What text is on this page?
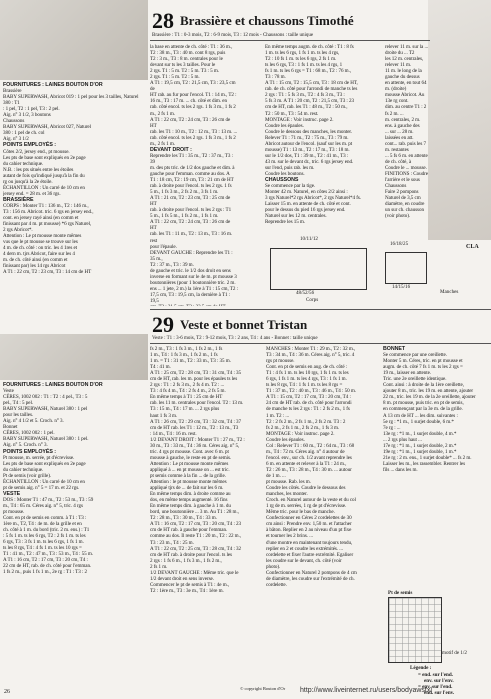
28 Brassière et chaussons Timothé
Brassière : T1 : 0-3 mois, T2 : 6-9 mois, T3 : 12 mois - Chaussons : taille unique
29 Veste et bonnet Tristan
Veste : T1 : 3-6 mois, T2 : 9-12 mois, T3 : 2 ans, T4 : 4 ans - Bonnet : taille unique

FOURNITURES : LAINES BOUTON D'OR

Brassière

BABY SUPERWASH, Abricot 019 : 1 pel pour les 3 tailles, Naturel 380 : T1

: 1 pel, T2 : 1 pel, T3 : 2 pel.

Aig. n° 3 1/2, 3 boutons

Chaussons

BABY SUPERWASH, Abricot 027, Naturel

380 : 1 pel de ch. col

Aig. n° 3 1/2

POINTS EMPLOYÉS :

Côtes 2/2, jersey end., pt mousse.

Les pts de base sont expliqués en 2e page

du cahier technique.

N.B. : les pts situés entre les étoiles

autant de fois qu'indiqué jusqu'à la fin du

rg ou jusqu'à la 2e étoile.

ÉCHANTILLON : Un carré de 10 cm en

jersey end. = 28 m. et 36 rgs.

BRASSIÈRE

CORPS : Monter T1 : 136 m., T2 : 146 m.,

T3 : 156 m. Abricot. tric. 6 rgs en jersey end.,

cont. en jersey rayé ainsi (en comm et

finissant par 4 m. pt mousse) *6 rgs Naturel,

2 rgs Abricot*.

Attention : Le pt mousse monte mêmes

vus que le pt mousse se trouve sur les

4 m. de ch. côté : on tric. les 4 1res et

4 dern m. tjrs Abricot, faire sur les 4

m. de ch. côté ainsi (en comm et

finissant par) les 14 rgs Abricot

A T1 : 22 cm, T2 : 23 cm, T3 : 14 cm de HT

la base en attente de ch. côté : T1 : 36 m.,

T2 : 38 m., T3 : 40 m. cont 8 rgs, puis

T2 : 3 m., T3 : 8 m. centrales pour le

devant sur ts les 3 tailles. Pour le

2 rgs. T1 : 5 m. T2 : 5 m. T3 : 5 m.

2 rgs. T1 : 5 m. T2 : 5 m.

A T1 : 19,5 cm, T2 : 21,5 cm, T3 : 23,5 cm de

HT rab. au fur pour l'encol. T1 : 14 m., T2 :

16 m., T3 : 17 m. ... ch. côté et dim. en

rab. côté encol. ts les 2 rgs. 1 fs 3 m., 1 fs 2

m., 2 fs 1 m.

A T1 : 22 cm, T2 : 24 cm, T3 : 26 cm de HT

rab. les T1 : 10 m., T2 : 12 m., T3 : 13 m. ...

rab. côté encol. ts les 2 rgs. 1 fs 3 m., 1 fs 2

m., 2 fs 1 m.

DEVANT DROIT :

Reprendre les T1 : 35 m., T2 : 37 m., T3 : 39

m. des pts tric. de 1/2 dos gauche et dim. à

gauche pour l'emman. comme au dos. A

T1 : 18 cm, T2 : 19 cm, T3 : 21 cm de HT

rab. à droite pour l'encol. ts les 2 rgs. 1 fs

5 m., 1 fs 3 m., 2 fs 2 m., 3 fs 1 m.

A T1 : 21 cm, T2 : 23 cm, T3 : 25 cm de HT

rab. à droite pour l'encol. ts les 2 rgs : T1

5 m., 1 fs 5 m., 1 fs 2 m., 1 fs 1 m.

A T1 : 22 cm, T2 : 24 cm, T3 : 26 cm de HT

rab. les T1 : 11 m., T2 : 13 m., T3 : 16 m. rest

pour l'épaule.

DEVANT GAUCHE : Reprendre les T1 : 35 m.,

T2 : 37 m., T3 : 39 m.

de gauche et tric. le 1/2 dos droit en sens

inverse en formant sur le 4e m. pt mousse 3

boutonnières (pour 1 boutonnière tric. 2 m.

ens ... 1 jete, 2 m.) la 1ère à T1 : 15 cm, T2 :

17,5 cm, T3 : 19,5 cm, la dernière à T1 : 19,5

En même temps augm. de ch. côté : T1 : 8 fs

1 m. ts les 6 rgs, 1 fs 1 m. ts les 4 rgs,

T2 : 10 fs 1 m. ts les 6 rgs, 2 fs 1 m.

ts les 6 rgs, T3 : 1 fs 1 m. ts les 4 rgs, 1

fs 1 m. ts les 6 rgs = T1 : 68 m., T2 : 76 m.,

T3 : 78 m.

A T1 : 15 cm, T2 : 15,5 cm, T3 : 18 cm de HT,

rab. de ch. côté pour l'arrondi de manche ts les

2 rgs : T1 : 5 fs 3 m., T2 : 4 fs 3 m., T3 :

5 fs 3 m. A T1 : 20 cm, T2 : 21,5 cm, T3 : 23

cm de HT, rab. les T1 : 48 m., T2 : 50 m.,

T2 : 50 m., T3 : 54 m. rest.

MONTAGE : Voir instruc. page 2.

Coudre les épaules.

Coudre le dessous des manches, les monter.

Relever T1 : 71 m., T2 : 75 m., T3 : 79 m.

Abricot autour de l'encol. (sauf sur les m. pt

mousse) T1 : 13 m., T2 : 17 m., T3 : 18 m.

sur le 1/2 dos, T1 : 39 m., T2 : 41 m., T3 :

43 m. sur le devant dr., tric. 6 rgs jersey end.

sur l'end, puis rab. les m.

Coudre les boutons.

CHAUSSONS

Se commence par la tige.

Monter 42 m. Naturel, en côtes 2/2 ainsi :

3 rgs Naturel*2 rgs Abricot*, 2 rgs Naturel*4 fs.

Laisser 15 m. en attente de ch. côté et cont.

pour le dessus du pied 16 rgs jersey end.

Naturel sur les 12 m. centrales.

Reprendre les 15 m.

relever 11 m. sur la ... droite du ... T2

les 12 m. centrales, relever 11 m.

11 m. le long de la gauche du dessus

en attente, en tout 64 m. (droite)

mousse Abricot. Au 13e rg cont.

dim. au centre T1 : 2 fs 2 m. ...

m. centrales, 2 m. ens. à gauche des

... sur ... 28 m. laissées en att.

cont... rab. puis les 7 m. restantes

... 5 fs 6 m. en attente de ch. côté, à

Coudre le ... mousse.

FINITIONS : Coudre l'arrière et le sous

Chaussons

Faire 2 pompons Naturel de 3,5 cm

diamètre, en coudre un sur ch. chausson

(voir photo).

FOURNITURES : LAINES BOUTON D'OR

Veste

CÉRES, 1002 002 : T1 : T2 : 4 pel., T3 : 5

pel., T4 : 5 pel.

BABY SUPERWASH, Naturel 380 : 1 pel

pour les tailles.

Aig. n° 4 1/2 et 5. Croch. n° 3.

Bonnet

CÉRES, 1002 002 : 1 pel.

BABY SUPERWASH, Naturel 380 : 1 pel.

Aig. n° 5. Croch. n° 3.

POINTS EMPLOYÉS :

Pt mousse, m. serrée, pt d'écrevisse.

Les pts de base sont expliqués en 2e page

du cahier technique.

Pt de semis (voir grille).

ÉCHANTILLON : Un carré de 10 cm en

pt de semis aig. n° 5 = 17 m. et 22 rgs.

VESTE

DOS : Monter T1 : 47 m., T2 : 53 m., T3 : 59

m., T4 : 65 m. Céres aig. n° 5, tric. 4 rgs

pt mousse.

Cont. en pt de semis en comm. à T1 : T3 :

1ère m., T2, T4 : 4e m. de la grille et en

ch. côté à 1 m. du bord (tric. 2 m. ens.) : T1

: 5 fs 1 m. ts les 6 rgs, T2 : 2 fs 1 m. ts les

6 rgs, T3 : 3 fs 1 m. ts les 6 rgs, 1 fs 1 m.

ts les 8 rgs, T4 : 4 fs 1 m. ts les 10 rgs =

T1 : 41 m., T2 : 47 m., T3 : 53 m., T4 : 55 m.

A T1 : 16 cm, T2 : 17 cm, T3 : 20 cm, T4 :

22 cm de HT, rab. de ch. côté pour l'emman.

1 fs 2 m., puis 1 fs 1 m., 2e rg : T1 : T3 : 2

fs 2 m., T3 : 1 fs 3 m., 1 fs 2 m., 1 fs

1 m., T4 : 1 fs 3 m., 1 fs 2 m., 1 fs

1 m. = T1 : 31 m., T2 : 33 m., T3 : 35 m.

T4 : 41 m.

A T1 : 25 cm, T2 : 28 cm, T3 : 31 cm, T4 : 35

cm de HT, rab. les m. pour les épaules ts les

2 rgs : T1 : 2 fs 3 m., 2 fs 4 m. T2 : ...

T3 : 4 fs 4 m., T4 : 2 fs 4 m., 2 fs 5 m.

En même temps à T1 : 25 cm de HT

rab. les 11 m. centrales pour l'encol. T2 : 13 m.

T3 : 15 m., T4 : 17 m. ... 2 rgs plus

haut 1 fs 3 m.

A T1 : 26 cm, T2 : 29 cm, T3 : 32 cm, T4 : 37

cm de HT rab. les T1 : 12 m., T2 : 13 m., T3

: 14 m., T4 : 16 m. rest.

1/2 DEVANT DROIT : Monter T1 : 27 m., T2 :

30 m., T3 : 33 m., T4 : 36 m. Céres aig. n° 5,

tric. 4 rgs pt mousse. Cont. avec 6 m. pt

mousse à gauche, le reste en pt de semis.

Attention : Le pt mousse monte mêmes

appliqué à ... en pt mousse on ... est tric.

pt semis comme à la fin ... de la grille.

Attention : le pt mousse monte mêmes

appliqué tjrs de ... de fait sur les 6 m.

En même temps dim. à droite comme au

dos, en même temps augmenté. 16 fins

En même temps dim. à gauche à 1 m. du

bord, une boutonnière ... 3 m. Au T1 : 28 m.,

T2 : 28 m., T3 : 30 m., T4 : 33 m.

A T1 : 16 cm, T2 : 17 cm, T3 : 20 cm, T4 : 23

cm de HT rab. à gauche pour l'emman.

comme au dos. Il reste T1 : 20 m., T2 : 22 m.,

T3 : 23 m., T4 : 25 m.

A T1 : 22 cm, T2 : 25 cm, T3 : 28 cm, T4 : 32

cm de HT rab. à droite pour l'encol. ts les

2 rgs : 1 fs 6 m., 1 fs 3 m., 1 fs 2 m.,

2 fs 1 m.

1/2 DEVANT GAUCHE : Même tric. que le

1/2 devant droit en sens inverse.

Commencer le pt de semis à T1 : 4e m.,

T2 : 1ère m., T3 : 3e m., T4 : 1ère m.

MANCHES : Monter T1 : 29 m., T2 : 32 m.,

T3 : 34 m., T4 : 36 m. Céres aig. n° 5, tric. 4

rgs pt mousse.

Cont. en pt de semis en aug. de ch. côté :

T1 : 4 fs 1 m. ts les 10 rgs, 1 fs 1 m. ts les

6 rgs, 1 fs 1 m. ts les 4 rgs, T3 : 1 fs 1 m.

ts les 8 rgs, T4 : 1 fs 1 m. ts les 8 rgs =

T1 : 37 m., T2 : 40 m., T3 : 46 m., T4 : 50 m.

A T1 : 15 cm, T2 : 17 cm, T3 : 20 cm, T4 :

24 cm de HT rab. de ch. côté pour l'arrondi

de manche ts les 2 rgs : T1 : 2 fs 2 m., 1 fs

1 m. T2 : ...

T2 : 2 fs 2 m., 2 fs 1 m., 2 fs 2 m. T3 : 2

fs 2 m., 2 fs 1 m., 2 fs 2 m., 1 fs 3 m.

MONTAGE : Voir instruc. page 2.

Coudre les épaules.

Col : Relever T1 : 60 m., T2 : 64 m., T3 : 68

m., T4 : 72 m. Céres aig. n° 4 autour de

l'encol. env., sur ch. 1/2 avant reprendre les

6 m. en attente et relever à la T1 : 24 m.,

T2 : 26 m., T3 : 28 m., T4 : 30 m. ... autour

de 1 m. ...

pt mousse. Rab. les m.

Coudre les côtés. Coudre le dessous des

manches, les monter.

Croch. en Naturel autour de la veste et du col

1 rg de m. serrées, 1 rg de pt d'écrevisse.

Même tric. pour le bas de manche.

Confectionner en Céres 2 cordelettes de 30

cm ainsi : Prendre env. 1,50 m. et l'attacher

à bâton. Replier en 2 au niveau d'un pt fixe

et tourner les 2 brins. ...

d'une montre en maintenant toujours tendu,

replier en 2 et coudre les extrémités. ...

cordelette et fixer l'autre extrémité. Egaliser

les coudre sur le devant, ch. côté (voir

photo).

Confectionner en Naturel 2 pompons de 4 cm

de diamètre, les coudre sur l'extrémité de ch.

cordelette.

BONNET

Se commence par une oreillette.

Monter 5 m. Céres, tric. en pt mousse et

augm. de ch. côté 7 fs 1 m. ts les 2 rgs =

19 m., laisser en attente.

Tric. une 2e oreillette identique.

Cont. ainsi : à droite de la 1ère oreillette,

ajouter 8 m., tric. les 19 m. en attente, ajouter

22 m., tric. les 19 m. de la 2e oreillette, ajouter

8 m. pt mousse, puis tric. en pt de semis,

en commençant par la 3e m. de la grille.

A 13 cm de HT ... les dim. suivantes :

5e rg : *1 m., 1 surjet double, 6 m.*

7e rg : ...

13e rg : *1 m., 1 surjet double, 4 m.*

... 2 rgs plus haut ...

17e rg : *1 m., 1 surjet double, 2 m.*

19e rg : *1 m., 1 surjet double, 1 m.*

21e rg : 2 m. ens., 1 surjet double* ... fs 2 m.

Laisser les m., les rassembler. Rentrer les

fils ... dans les m.

10/11/12
48/52/56
Corps
16/18/25
14/15/16
Manches
CLA
Pt de semis
motif de 1/2
Légende :
= end. sur l'end.
env. sur l'env.
= env. sur l'end.
end. sur l'env.
26
© copyright Bouton d'Or http://www.liveinternet.ru/users/bodyawstx/
